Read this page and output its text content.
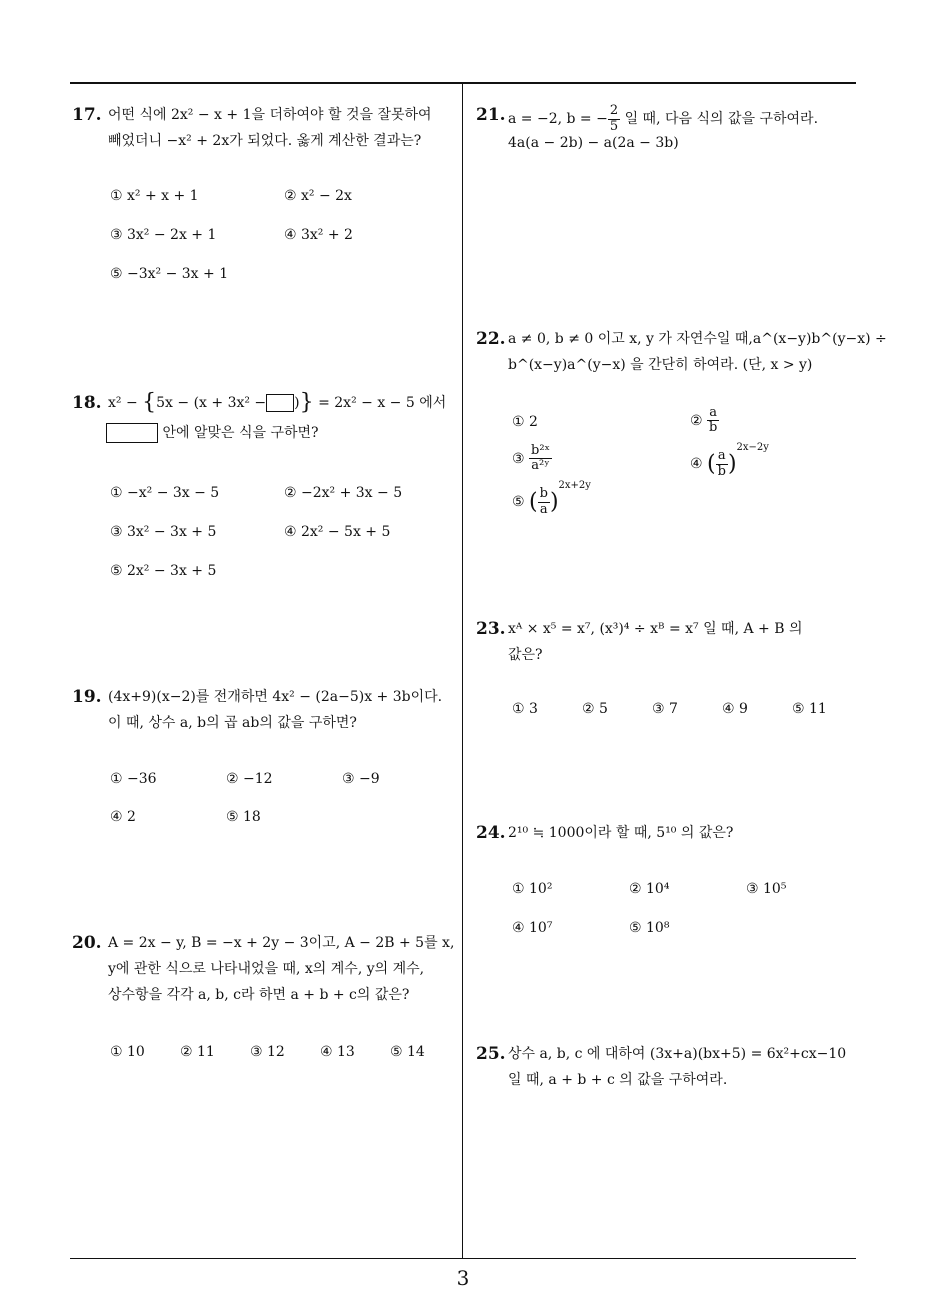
3
17. 어떤 식에 2x² − x + 1을 더하여야 할 것을 잘못하여
빼었더니 −x² + 2x가 되었다. 옳게 계산한 결과는?
① x² + x + 1	② x² − 2x
③ 3x² − 2x + 1	④ 3x² + 2
⑤ −3x² − 3x + 1
18. x² − {5x − (x + 3x² − )} = 2x² − x − 5 에서
안에 알맞은 식을 구하면?
① −x² − 3x − 5	② −2x² + 3x − 5
③ 3x² − 3x + 5	④ 2x² − 5x + 5
⑤ 2x² − 3x + 5
19. (4x+9)(x−2)를 전개하면 4x² − (2a−5)x + 3b이다.
이 때, 상수 a, b의 곱 ab의 값을 구하면?
① −36	② −12	③ −9
④ 2	⑤ 18
20. A = 2x − y, B = −x + 2y − 3이고, A − 2B + 5를 x,
y에 관한 식으로 나타내었을 때, x의 계수, y의 계수,
상수항을 각각 a, b, c라 하면 a + b + c의 값은?
① 10	② 11	③ 12	④ 13	⑤ 14
21. a = −2, b = − $\frac{2}{5}$ 일 때, 다음 식의 값을 구하여라.
4a(a − 2b) − a(2a − 3b)
22. a ≠ 0, b ≠ 0 이고 x, y 가 자연수일 때,a^(x−y)b^(y−x) ÷
b^(x−y)a^(y−x) 을 간단히 하여라. (단, x > y)
① 2	② $\frac{a}{b}$
③ $\frac{\text{b²ˣ}}{\text{a²ʸ}}$	④ ( $\frac{a}{b} )^{2x-2y}$
⑤ ( $\frac{b}{a} )^{2x+2y}$
23. xᴬ × x⁵ = x⁷, (x³)⁴ ÷ xᴮ = x⁷ 일 때, A + B 의
값은?
① 3	② 5	③ 7	④ 9	⑤ 11
24. 2¹⁰ ≒ 1000이라 할 때, 5¹⁰ 의 값은?
① 10²	② 10⁴	③ 10⁵
④ 10⁷	⑤ 10⁸
25. 상수 a, b, c 에 대하여 (3x+a)(bx+5) = 6x²+cx−10
일 때, a + b + c 의 값을 구하여라.
